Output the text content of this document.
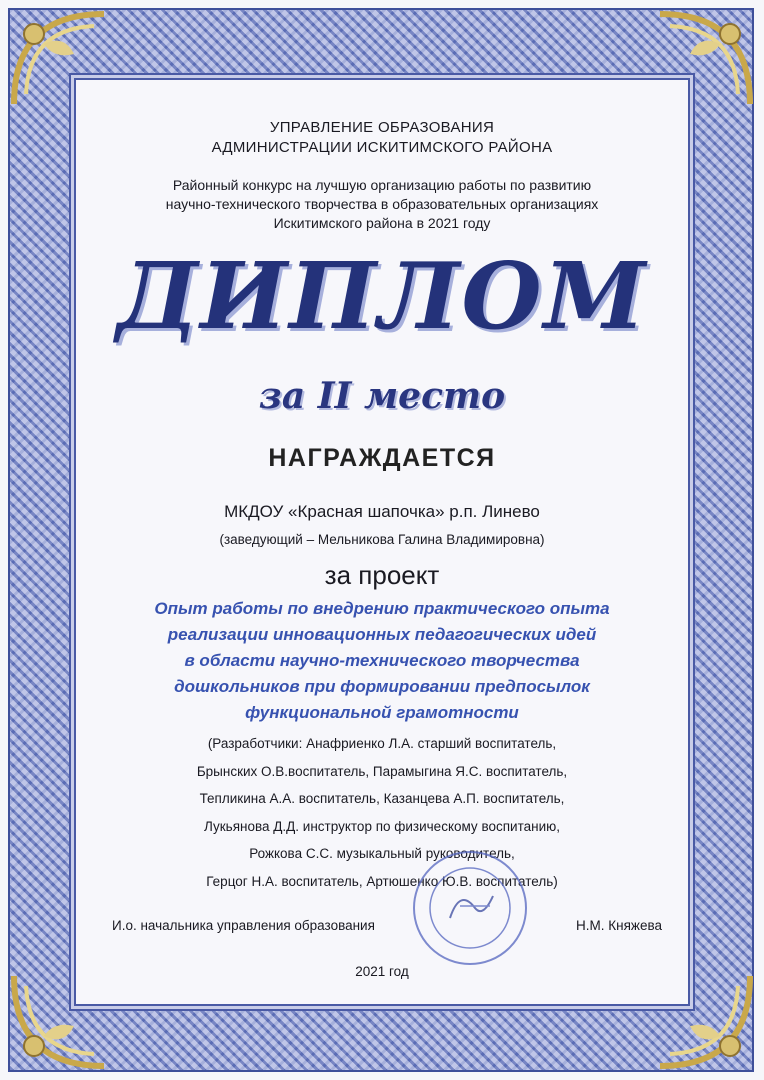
УПРАВЛЕНИЕ ОБРАЗОВАНИЯ
АДМИНИСТРАЦИИ ИСКИТИМСКОГО РАЙОНА
Районный конкурс на лучшую организацию работы по развитию
научно-технического творчества в образовательных организациях
Искитимского района в 2021 году
ДИПЛОМ
за II место
НАГРАЖДАЕТСЯ
МКДОУ «Красная шапочка» р.п. Линево
(заведующий – Мельникова Галина Владимировна)
за проект
Опыт работы по внедрению практического опыта
реализации инновационных педагогических идей
в области научно-технического творчества
дошкольников при формировании предпосылок
функциональной грамотности
(Разработчики: Анафриенко Л.А. старший воспитатель,
Брынских О.В.воспитатель, Парамыгина Я.С. воспитатель,
Тепликина А.А. воспитатель, Казанцева А.П. воспитатель,
Лукьянова Д.Д. инструктор по физическому воспитанию,
Рожкова С.С. музыкальный руководитель,
Герцог Н.А. воспитатель, Артюшенко Ю.В. воспитатель)
И.о. начальника управления образования	Н.М. Княжева
2021 год
